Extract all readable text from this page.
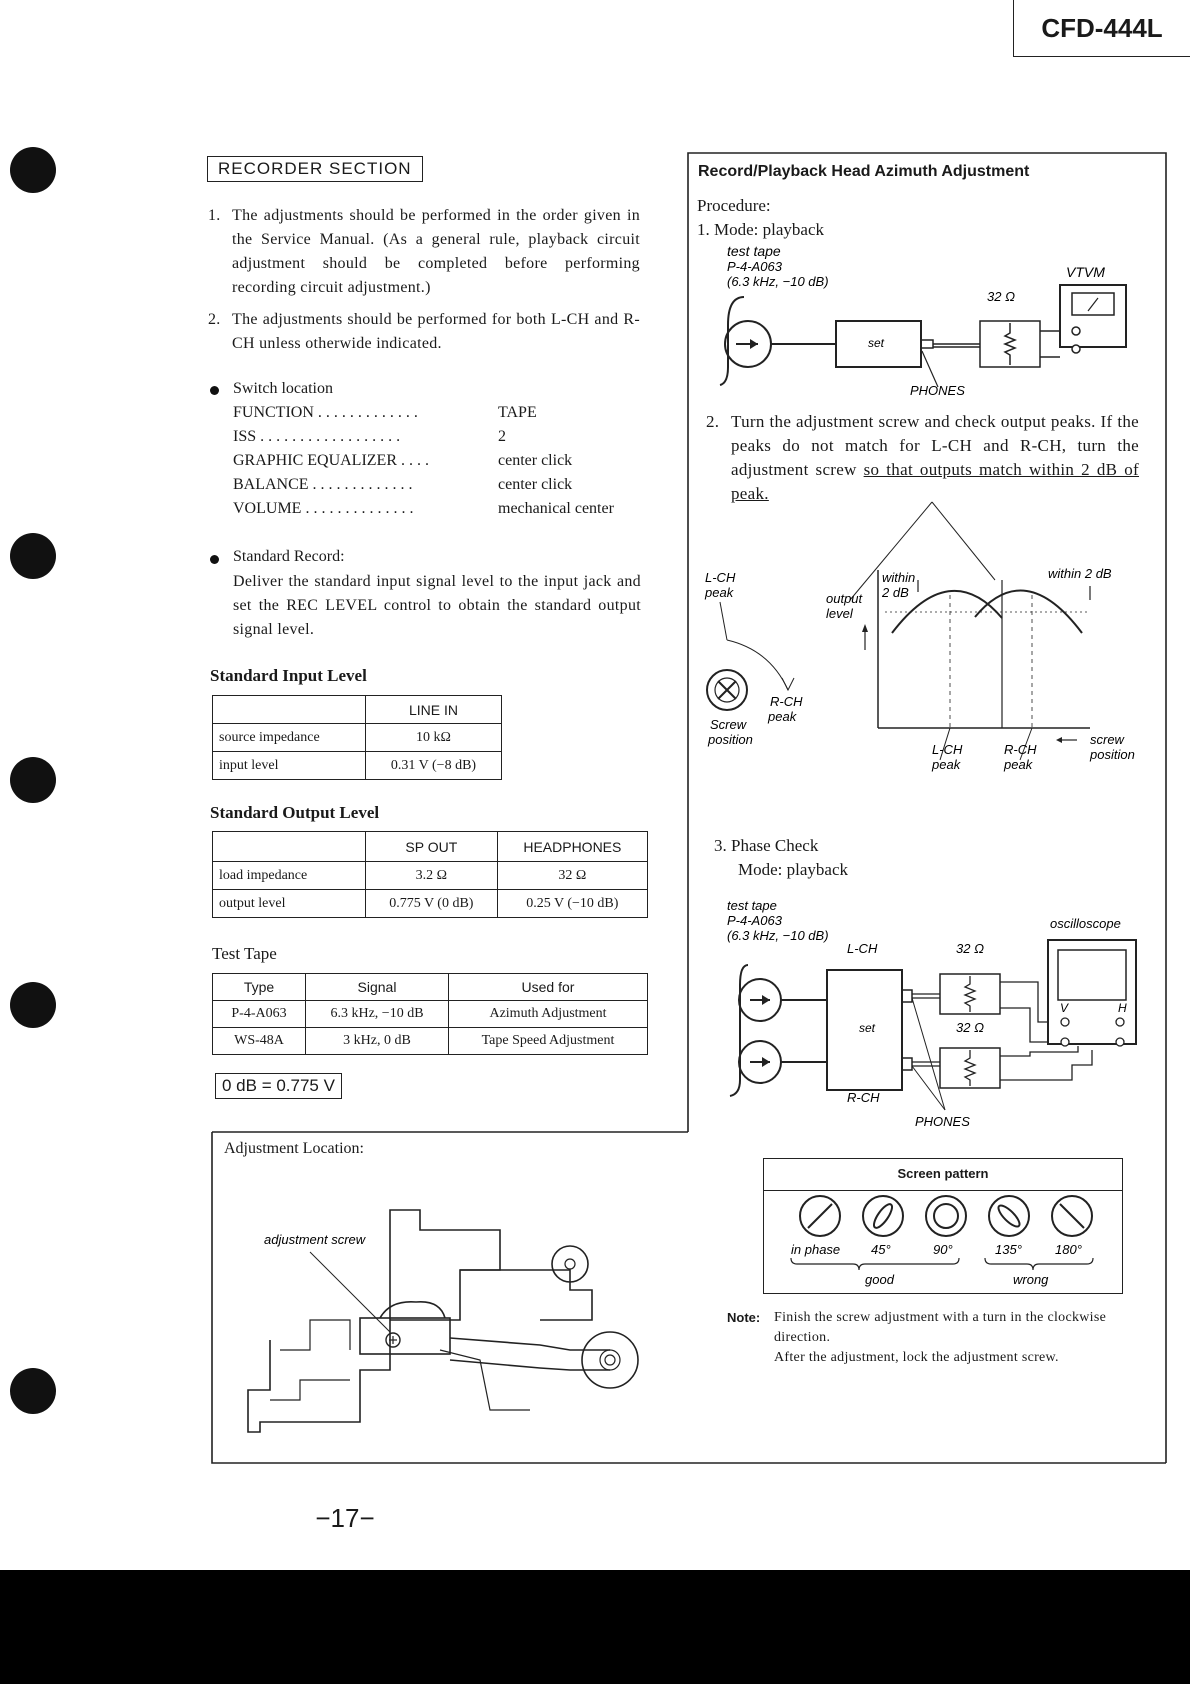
CFD-444L
RECORDER SECTION
1. The adjustments should be performed in the order given in the Service Manual. (As a general rule, playback circuit adjustment should be completed before performing recording circuit adjustment.)
2. The adjustments should be performed for both L-CH and R-CH unless otherwide indicated.
Switch location
FUNCTION . . . . . . . . . . . . .	TAPE
ISS . . . . . . . . . . . . . . . . . .	2
GRAPHIC EQUALIZER . . . .	center click
BALANCE . . . . . . . . . . . . .	center click
VOLUME . . . . . . . . . . . . . .	mechanical center
Standard Record:
Deliver the standard input signal level to the input jack and set the REC LEVEL control to obtain the standard output signal level.
Standard Input Level
	LINE IN
source impedance	10 kΩ
input level	0.31 V (−8 dB)
Standard Output Level
	SP OUT	HEADPHONES
load impedance	3.2 Ω	32 Ω
output level	0.775 V (0 dB)	0.25 V (−10 dB)
Test Tape
Type	Signal	Used for
P-4-A063	6.3 kHz, −10 dB	Azimuth Adjustment
WS-48A	3 kHz, 0 dB	Tape Speed Adjustment
0 dB = 0.775 V
Record/Playback Head Azimuth Adjustment
Procedure:
1. Mode: playback
test tape
P-4-A063
(6.3 kHz, −10 dB)
VTVM
32 Ω
set
PHONES
2. Turn the adjustment screw and check output peaks. If the peaks do not match for L-CH and R-CH, turn the adjustment screw so that outputs match within 2 dB of peak.
L-CH
peak	output
level
within
2 dB
within 2 dB
L-CH
peak
R-CH
peak
screw
position
R-CH
peak
Screw
position
3. Phase Check
Mode: playback
test tape
P-4-A063
(6.3 kHz, −10 dB)
oscilloscope
L-CH	32 Ω
32 Ω
R-CH
PHONES
set
V	H
Screen pattern
in phase 45°	90°	135°	180°
good	wrong
Note: Finish the screw adjustment with a turn in the clockwise direction.
After the adjustment, lock the adjustment screw.
Adjustment Location:
adjustment screw
−17−
